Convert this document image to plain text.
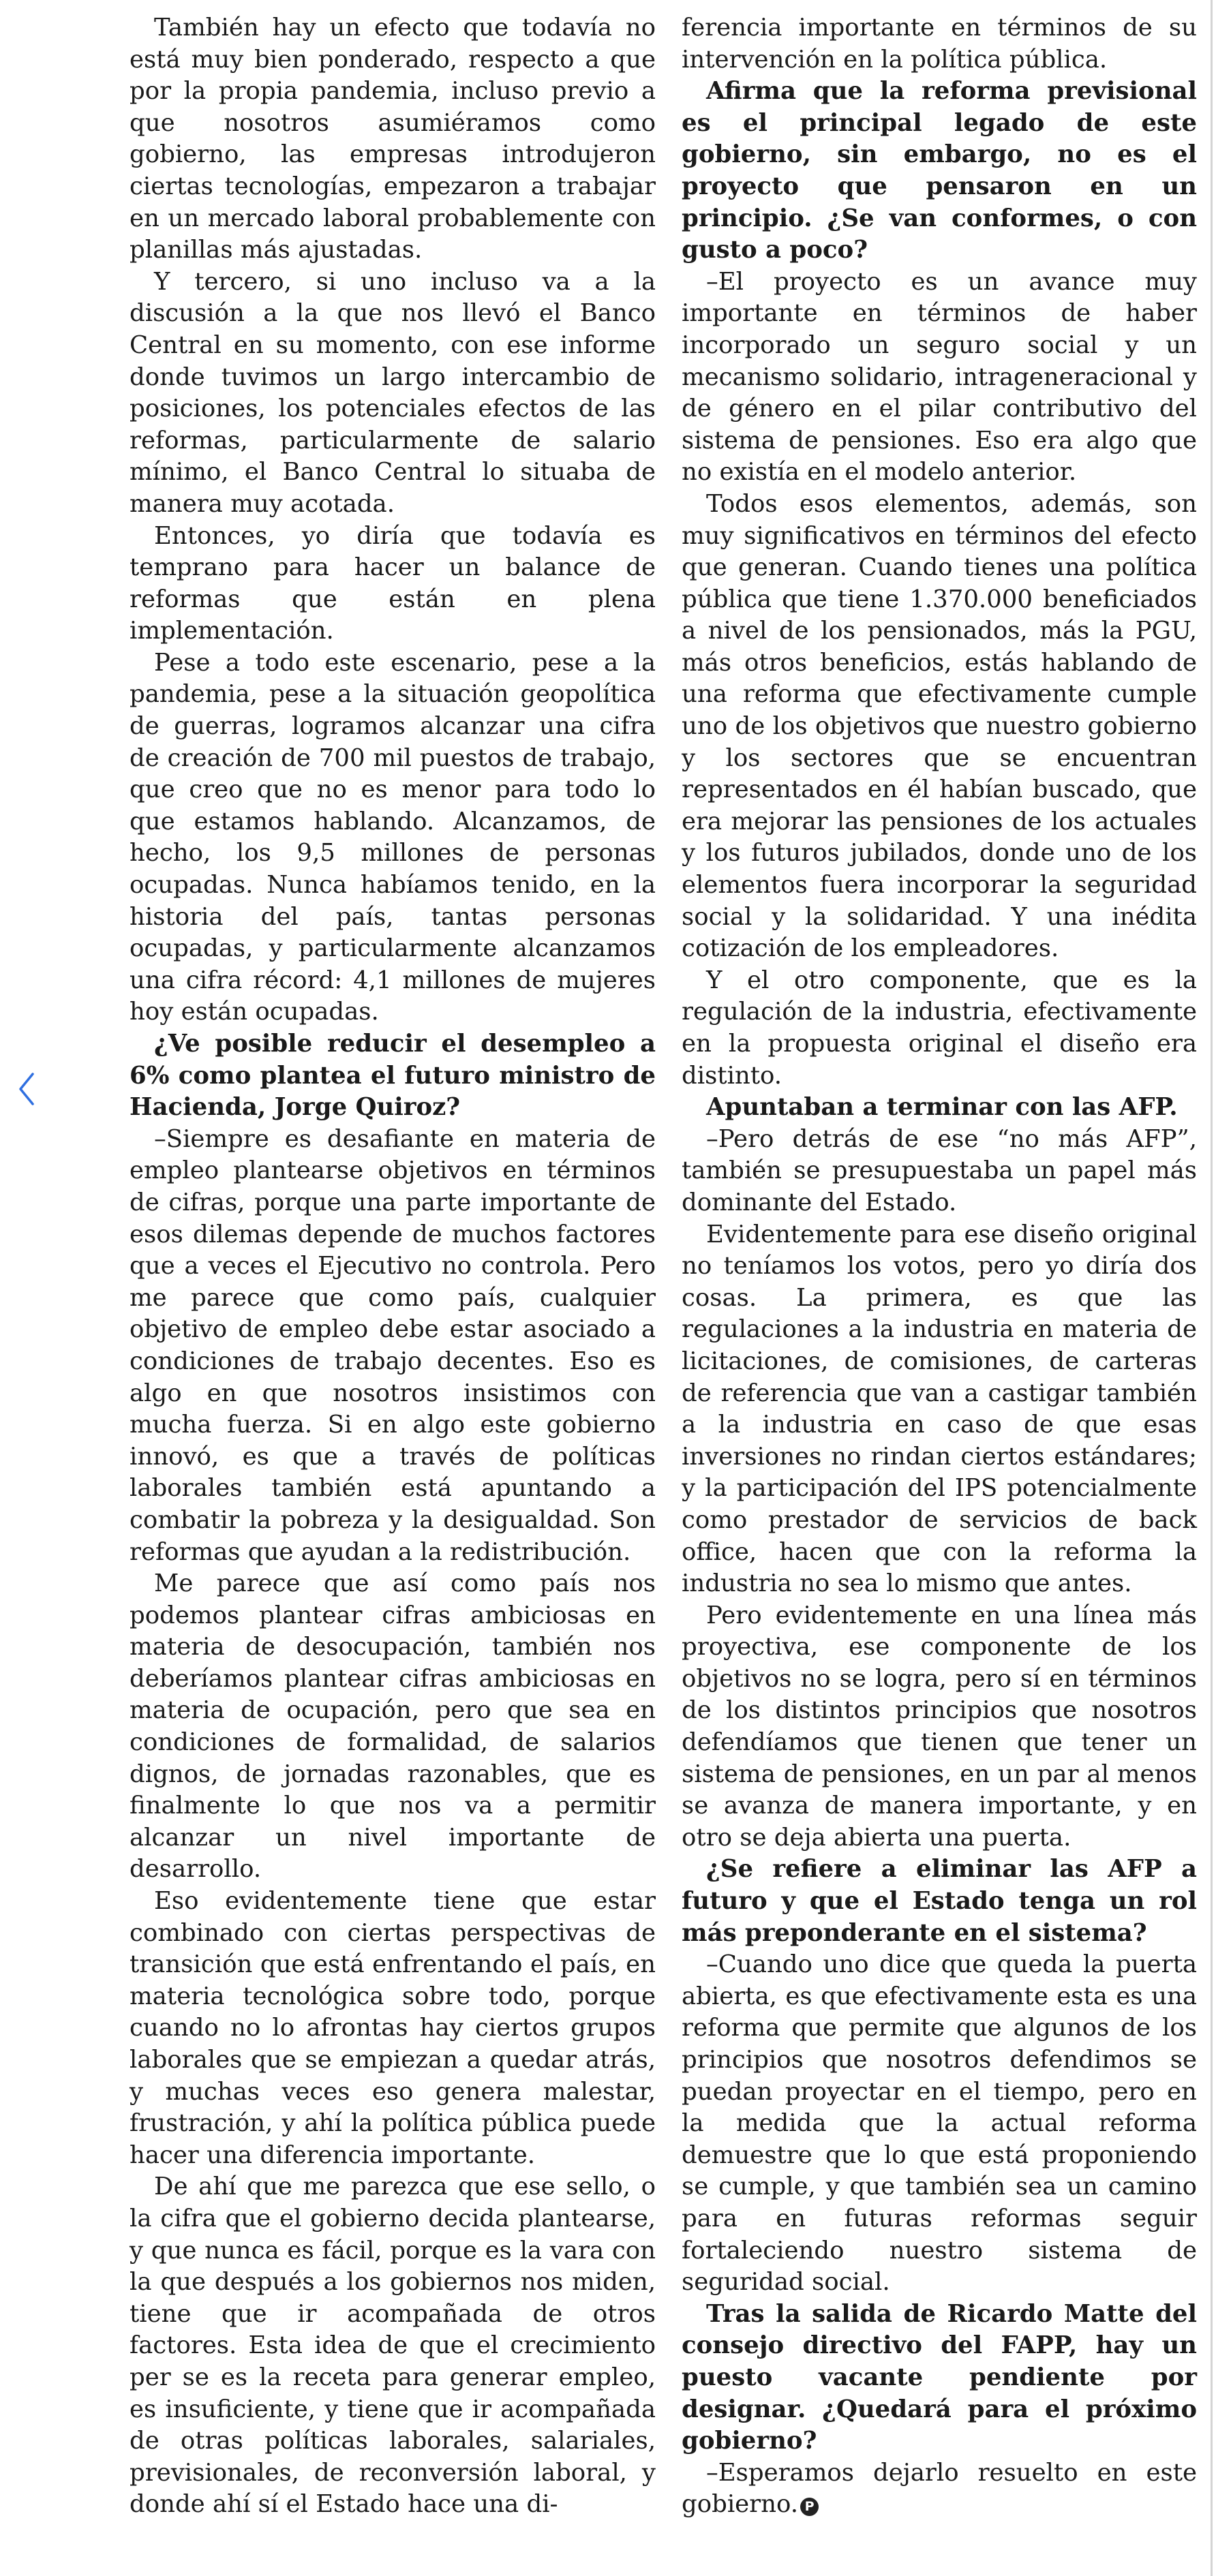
También hay un efecto que todavía no está muy bien ponderado, respecto a que por la propia pandemia, incluso previo a que nosotros asumiéramos como gobierno, las empresas introdujeron ciertas tecnologías, empezaron a trabajar en un mercado laboral probablemente con planillas más ajustadas.

Y tercero, si uno incluso va a la discusión a la que nos llevó el Banco Central en su momento, con ese informe donde tuvimos un largo intercambio de posiciones, los potenciales efectos de las reformas, particularmente de salario mínimo, el Banco Central lo situaba de manera muy acotada.

Entonces, yo diría que todavía es temprano para hacer un balance de reformas que están en plena implementación.

Pese a todo este escenario, pese a la pandemia, pese a la situación geopolítica de guerras, logramos alcanzar una cifra de creación de 700 mil puestos de trabajo, que creo que no es menor para todo lo que estamos hablando. Alcanzamos, de hecho, los 9,5 millones de personas ocupadas. Nunca habíamos tenido, en la historia del país, tantas personas ocupadas, y particularmente alcanzamos una cifra récord: 4,1 millones de mujeres hoy están ocupadas.

¿Ve posible reducir el desempleo a 6% como plantea el futuro ministro de Hacienda, Jorge Quiroz?

–Siempre es desafiante en materia de empleo plantearse objetivos en términos de cifras, porque una parte importante de esos dilemas depende de muchos factores que a veces el Ejecutivo no controla. Pero me parece que como país, cualquier objetivo de empleo debe estar asociado a condiciones de trabajo decentes. Eso es algo en que nosotros insistimos con mucha fuerza. Si en algo este gobierno innovó, es que a través de políticas laborales también está apuntando a combatir la pobreza y la desigualdad. Son reformas que ayudan a la redistribución.

Me parece que así como país nos podemos plantear cifras ambiciosas en materia de desocupación, también nos deberíamos plantear cifras ambiciosas en materia de ocupación, pero que sea en condiciones de formalidad, de salarios dignos, de jornadas razonables, que es finalmente lo que nos va a permitir alcanzar un nivel importante de desarrollo.

Eso evidentemente tiene que estar combinado con ciertas perspectivas de transición que está enfrentando el país, en materia tecnológica sobre todo, porque cuando no lo afrontas hay ciertos grupos laborales que se empiezan a quedar atrás, y muchas veces eso genera malestar, frustración, y ahí la política pública puede hacer una diferencia importante.

De ahí que me parezca que ese sello, o la cifra que el gobierno decida plantearse, y que nunca es fácil, porque es la vara con la que después a los gobiernos nos miden, tiene que ir acompañada de otros factores. Esta idea de que el crecimiento per se es la receta para generar empleo, es insuficiente, y tiene que ir acompañada de otras políticas laborales, salariales, previsionales, de reconversión laboral, y donde ahí sí el Estado hace una di-

ferencia importante en términos de su intervención en la política pública.

Afirma que la reforma previsional es el principal legado de este gobierno, sin embargo, no es el proyecto que pensaron en un principio. ¿Se van conformes, o con gusto a poco?

–El proyecto es un avance muy importante en términos de haber incorporado un seguro social y un mecanismo solidario, intrageneracional y de género en el pilar contributivo del sistema de pensiones. Eso era algo que no existía en el modelo anterior.

Todos esos elementos, además, son muy significativos en términos del efecto que generan. Cuando tienes una política pública que tiene 1.370.000 beneficiados a nivel de los pensionados, más la PGU, más otros beneficios, estás hablando de una reforma que efectivamente cumple uno de los objetivos que nuestro gobierno y los sectores que se encuentran representados en él habían buscado, que era mejorar las pensiones de los actuales y los futuros jubilados, donde uno de los elementos fuera incorporar la seguridad social y la solidaridad. Y una inédita cotización de los empleadores.

Y el otro componente, que es la regulación de la industria, efectivamente en la propuesta original el diseño era distinto.

Apuntaban a terminar con las AFP.

–Pero detrás de ese “no más AFP”, también se presupuestaba un papel más dominante del Estado.

Evidentemente para ese diseño original no teníamos los votos, pero yo diría dos cosas. La primera, es que las regulaciones a la industria en materia de licitaciones, de comisiones, de carteras de referencia que van a castigar también a la industria en caso de que esas inversiones no rindan ciertos estándares; y la participación del IPS potencialmente como prestador de servicios de back office, hacen que con la reforma la industria no sea lo mismo que antes.

Pero evidentemente en una línea más proyectiva, ese componente de los objetivos no se logra, pero sí en términos de los distintos principios que nosotros defendíamos que tienen que tener un sistema de pensiones, en un par al menos se avanza de manera importante, y en otro se deja abierta una puerta.

¿Se refiere a eliminar las AFP a futuro y que el Estado tenga un rol más preponderante en el sistema?

–Cuando uno dice que queda la puerta abierta, es que efectivamente esta es una reforma que permite que algunos de los principios que nosotros defendimos se puedan proyectar en el tiempo, pero en la medida que la actual reforma demuestre que lo que está proponiendo se cumple, y que también sea un camino para en futuras reformas seguir fortaleciendo nuestro sistema de seguridad social.

Tras la salida de Ricardo Matte del consejo directivo del FAPP, hay un puesto vacante pendiente por designar. ¿Quedará para el próximo gobierno?

–Esperamos dejarlo resuelto en este gobierno. P
